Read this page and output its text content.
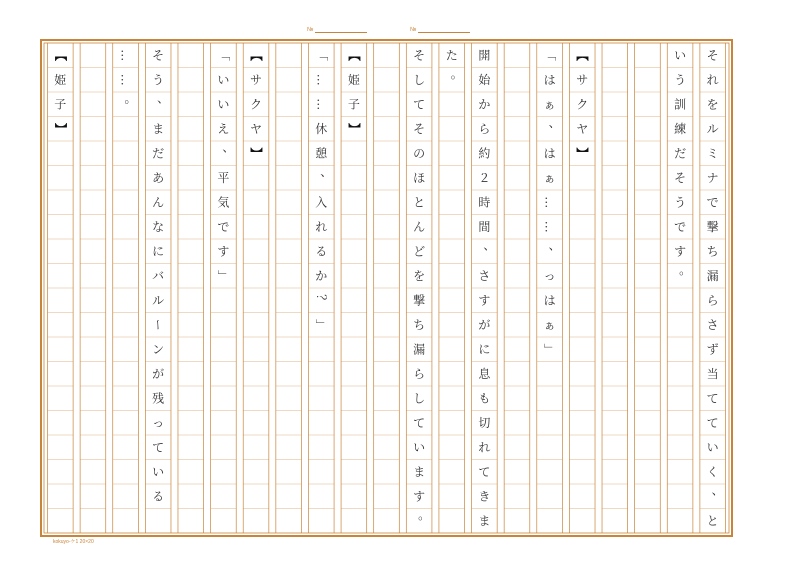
№	№
【
姫
子
】
…
…
。
そ
う
、
ま
だ
あ
ん
な
に
バ
ル
ー
ン
が
残
っ
て
い
る
「
い
い
え
、
平
気
で
す
」
【
サ
ク
ヤ
】
「
…
…
休
憩
、
入
れ
る
か
？
」
【
姫
子
】
そ
し
て
そ
の
ほ
と
ん
ど
を
撃
ち
漏
ら
し
て
い
ま
す
。
た
。
開
始
か
ら
約
２
時
間
、
さ
す
が
に
息
も
切
れ
て
き
ま
「
は
ぁ
、
は
ぁ
…
…
、
っ
は
ぁ
」
【
サ
ク
ヤ
】
い
う
訓
練
だ
そ
う
で
す
。
そ
れ
を
ル
ミ
ナ
で
撃
ち
漏
ら
さ
ず
当
て
て
い
く
、
と
kokuyo-ケ1 20×20
